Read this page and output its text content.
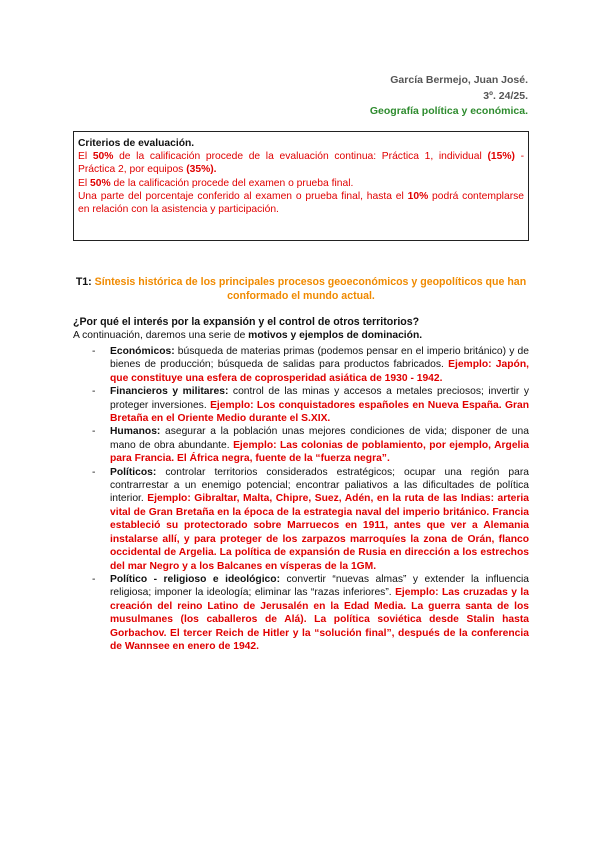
García Bermejo, Juan José.
3º. 24/25.
Geografía política y económica.
Criterios de evaluación.

El 50% de la calificación procede de la evaluación continua: Práctica 1, individual (15%) - Práctica 2, por equipos (35%).

El 50% de la calificación procede del examen o prueba final.

Una parte del porcentaje conferido al examen o prueba final, hasta el 10% podrá contemplarse en relación con la asistencia y participación.

T1: Síntesis histórica de los principales procesos geoeconómicos y geopolíticos que han conformado el mundo actual.
¿Por qué el interés por la expansión y el control de otros territorios?
A continuación, daremos una serie de motivos y ejemplos de dominación.
- Económicos: búsqueda de materias primas (podemos pensar en el imperio británico) y de bienes de producción; búsqueda de salidas para productos fabricados. Ejemplo: Japón, que constituye una esfera de coprosperidad asiática de 1930 - 1942.
- Financieros y militares: control de las minas y accesos a metales preciosos; invertir y proteger inversiones. Ejemplo: Los conquistadores españoles en Nueva España. Gran Bretaña en el Oriente Medio durante el S.XIX.
- Humanos: asegurar a la población unas mejores condiciones de vida; disponer de una mano de obra abundante. Ejemplo: Las colonias de poblamiento, por ejemplo, Argelia para Francia. El África negra, fuente de la “fuerza negra”.
- Políticos: controlar territorios considerados estratégicos; ocupar una región para contrarrestar a un enemigo potencial; encontrar paliativos a las dificultades de política interior. Ejemplo: Gibraltar, Malta, Chipre, Suez, Adén, en la ruta de las Indias: arteria vital de Gran Bretaña en la época de la estrategia naval del imperio británico. Francia estableció su protectorado sobre Marruecos en 1911, antes que ver a Alemania instalarse allí, y para proteger de los zarpazos marroquíes la zona de Orán, flanco occidental de Argelia. La política de expansión de Rusia en dirección a los estrechos del mar Negro y a los Balcanes en vísperas de la 1GM.
- Político - religioso e ideológico: convertir “nuevas almas” y extender la influencia religiosa; imponer la ideología; eliminar las “razas inferiores”. Ejemplo: Las cruzadas y la creación del reino Latino de Jerusalén en la Edad Media. La guerra santa de los musulmanes (los caballeros de Alá). La política soviética desde Stalin hasta Gorbachov. El tercer Reich de Hitler y la “solución final”, después de la conferencia de Wannsee en enero de 1942.
